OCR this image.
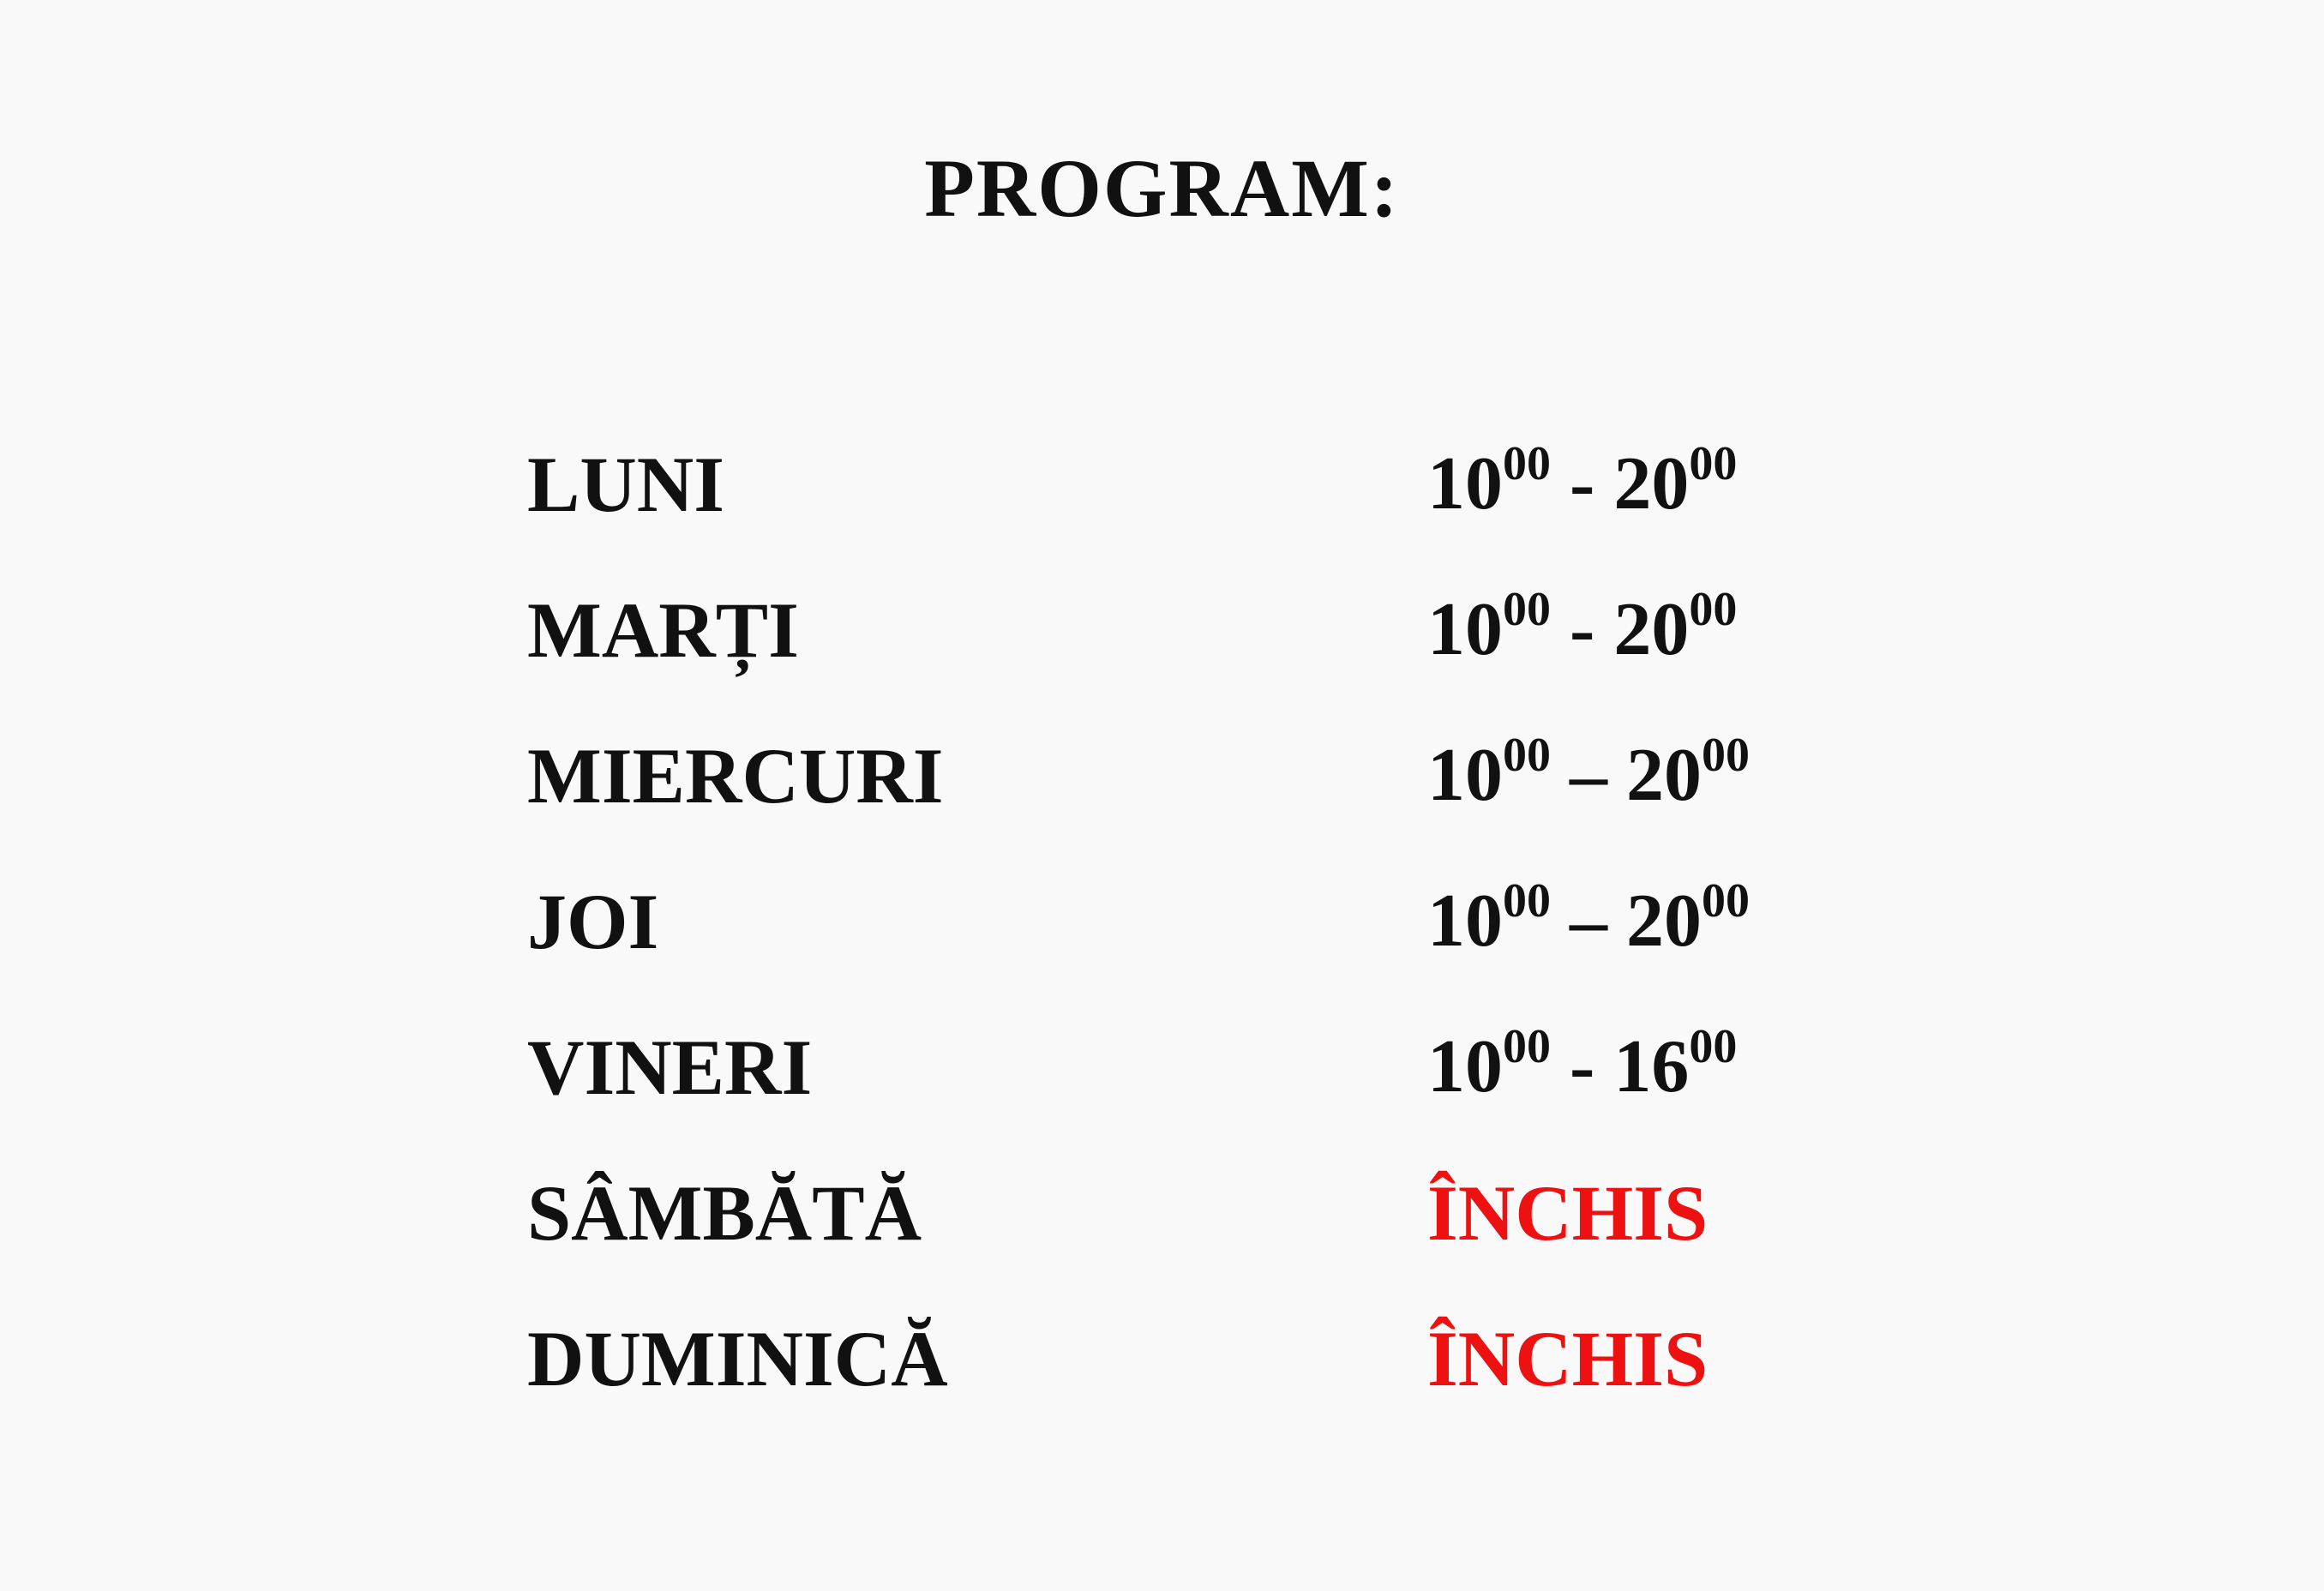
PROGRAM:
LUNI	$10^{00} - 20^{00}$
MARȚI	$10^{00} - 20^{00}$
MIERCURI	$10^{00} - 20^{00}$
JOI	$10^{00} - 20^{00}$
VINERI	$10^{00} - 16^{00}$
SÂMBĂTĂ	ÎNCHIS
DUMINICĂ	ÎNCHIS
